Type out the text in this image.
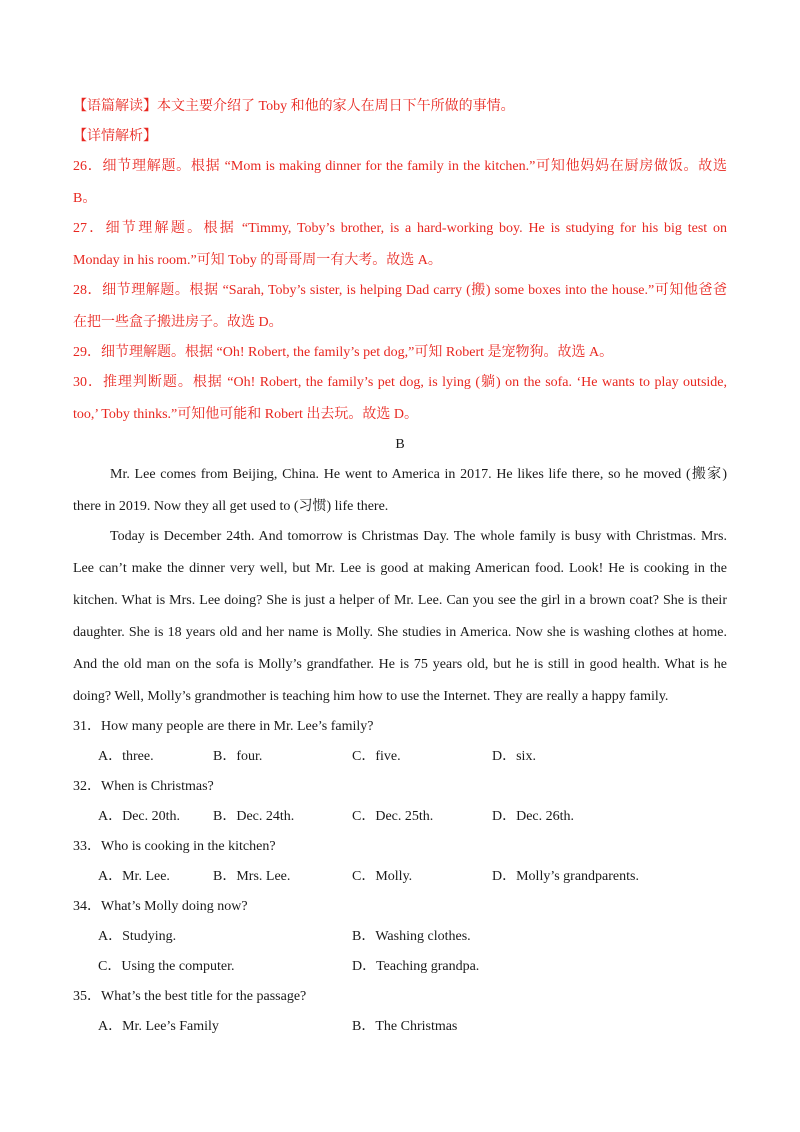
【语篇解读】本文主要介绍了 Toby 和他的家人在周日下午所做的事情。
【详情解析】
26．细节理解题。根据 “Mom is making dinner for the family in the kitchen.”可知他妈妈在厨房做饭。故选
B。
27．细节理解题。根据 “Timmy, Toby’s brother, is a hard-working boy. He is studying for his big test on
Monday in his room.”可知 Toby 的哥哥周一有大考。故选 A。
28．细节理解题。根据 “Sarah, Toby’s sister, is helping Dad carry (搬) some boxes into the house.”可知他爸爸
在把一些盒子搬进房子。故选 D。
29．细节理解题。根据 “Oh! Robert, the family’s pet dog,”可知 Robert 是宠物狗。故选 A。
30．推理判断题。根据 “Oh! Robert, the family’s pet dog, is lying (躺) on the sofa. ‘He wants to play outside,
too,’ Toby thinks.”可知他可能和 Robert 出去玩。故选 D。
B
Mr. Lee comes from Beijing, China. He went to America in 2017. He likes life there, so he moved (搬家)
there in 2019. Now they all get used to (习惯) life there.
Today is December 24th. And tomorrow is Christmas Day. The whole family is busy with Christmas. Mrs.
Lee can’t make the dinner very well, but Mr. Lee is good at making American food. Look! He is cooking in the
kitchen. What is Mrs. Lee doing? She is just a helper of Mr. Lee. Can you see the girl in a brown coat? She is their
daughter. She is 18 years old and her name is Molly. She studies in America. Now she is washing clothes at home.
And the old man on the sofa is Molly’s grandfather. He is 75 years old, but he is still in good health. What is he
doing? Well, Molly’s grandmother is teaching him how to use the Internet. They are really a happy family.
31．How many people are there in Mr. Lee’s family?
A．three.	B．four.	C．five.	D．six.
32．When is Christmas?
A．Dec. 20th. B．Dec. 24th.	C．Dec. 25th.	D．Dec. 26th.
33．Who is cooking in the kitchen?
A．Mr. Lee.	B．Mrs. Lee.	C．Molly.	D．Molly’s grandparents.
34．What’s Molly doing now?
A．Studying.	B．Washing clothes.
C．Using the computer.	D．Teaching grandpa.
35．What’s the best title for the passage?
A．Mr. Lee’s Family	B．The Christmas
